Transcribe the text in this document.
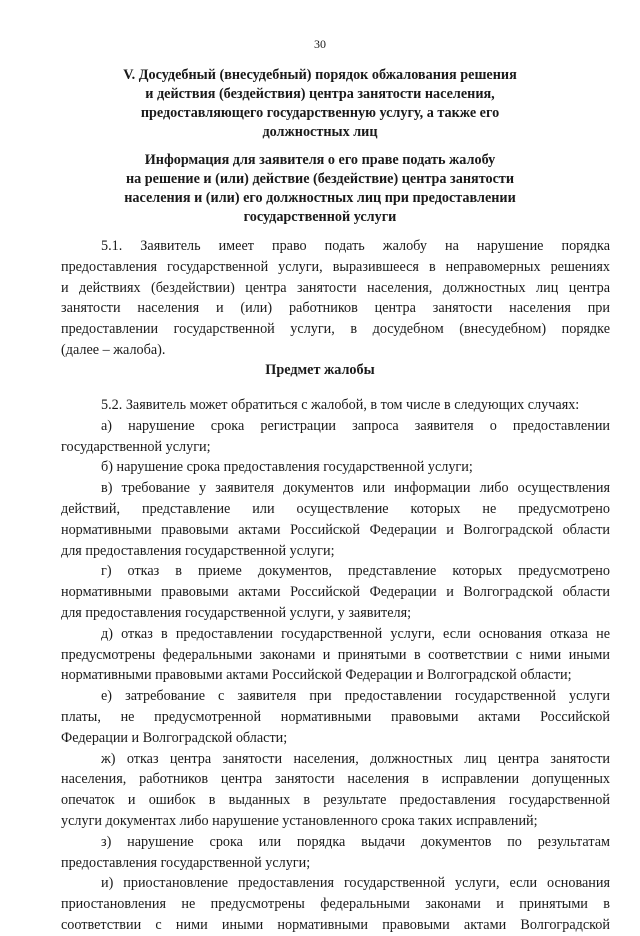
30
V. Досудебный (внесудебный) порядок обжалования решения
и действия (бездействия) центра занятости населения,
предоставляющего государственную услугу, а также его
должностных лиц
Информация для заявителя о его праве подать жалобу
на решение и (или) действие (бездействие) центра занятости
населения и (или) его должностных лиц при предоставлении
государственной услуги
5.1. Заявитель имеет право подать жалобу на нарушение порядка
предоставления государственной услуги, выразившееся в неправомерных решениях
и действиях (бездействии) центра занятости населения, должностных лиц центра
занятости населения и (или) работников центра занятости населения при
предоставлении государственной услуги, в досудебном (внесудебном) порядке
(далее – жалоба).
Предмет жалобы
5.2. Заявитель может обратиться с жалобой, в том числе в следующих случаях:
а) нарушение срока регистрации запроса заявителя о предоставлении
государственной услуги;
б) нарушение срока предоставления государственной услуги;
в) требование у заявителя документов или информации либо осуществления
действий, представление или осуществление которых не предусмотрено
нормативными правовыми актами Российской Федерации и Волгоградской области
для предоставления государственной услуги;
г) отказ в приеме документов, представление которых предусмотрено
нормативными правовыми актами Российской Федерации и Волгоградской области
для предоставления государственной услуги, у заявителя;
д) отказ в предоставлении государственной услуги, если основания отказа не
предусмотрены федеральными законами и принятыми в соответствии с ними иными
нормативными правовыми актами Российской Федерации и Волгоградской области;
е) затребование с заявителя при предоставлении государственной услуги
платы, не предусмотренной нормативными правовыми актами Российской
Федерации и Волгоградской области;
ж) отказ центра занятости населения, должностных лиц центра занятости
населения, работников центра занятости населения в исправлении допущенных
опечаток и ошибок в выданных в результате предоставления государственной
услуги документах либо нарушение установленного срока таких исправлений;
з) нарушение срока или порядка выдачи документов по результатам
предоставления государственной услуги;
и) приостановление предоставления государственной услуги, если основания
приостановления не предусмотрены федеральными законами и принятыми в
соответствии с ними иными нормативными правовыми актами Волгоградской
